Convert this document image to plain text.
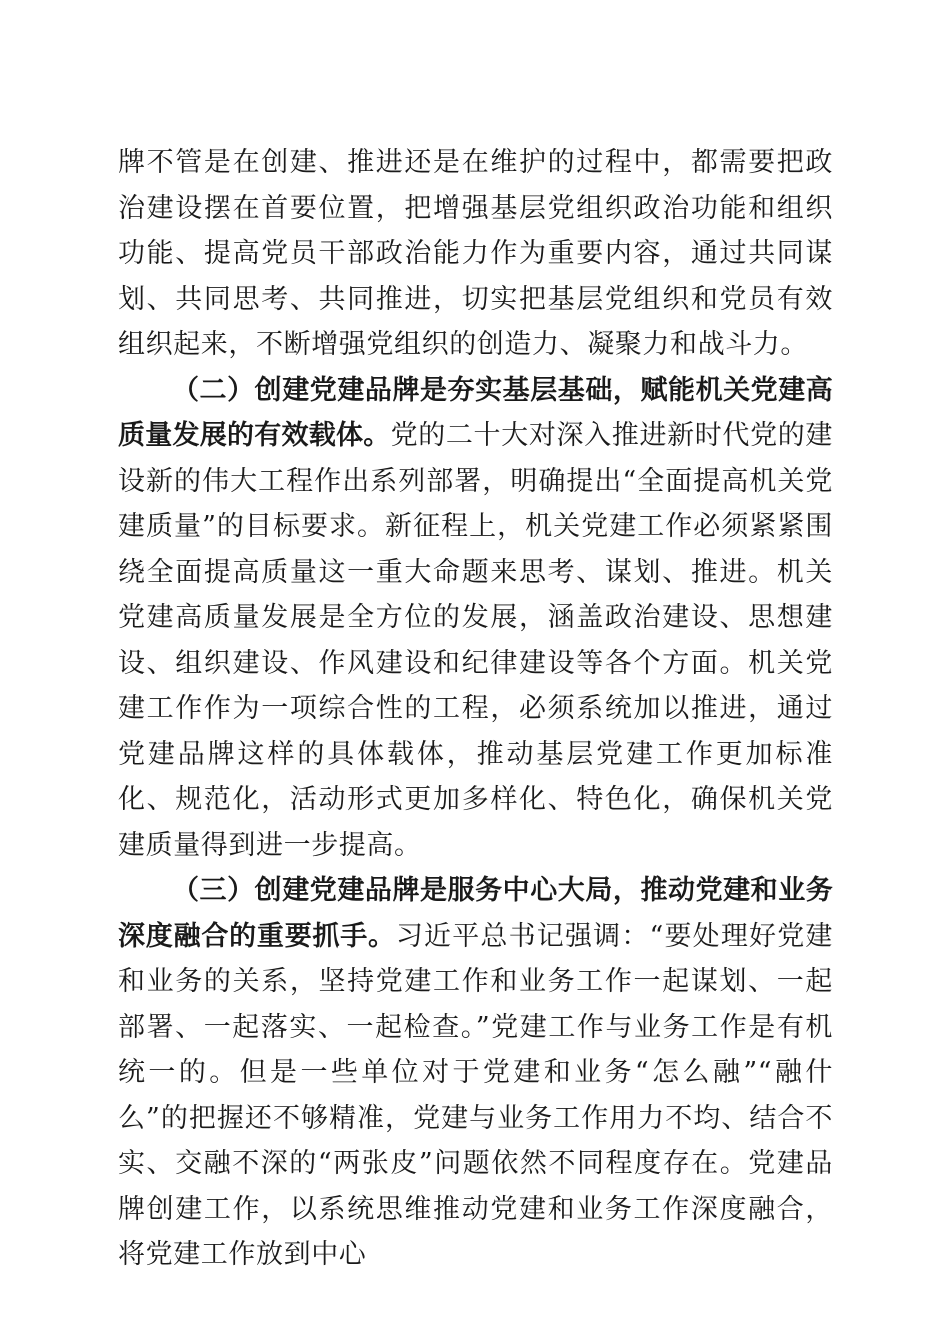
牌不管是在创建、推进还是在维护的过程中，都需要把政治建设摆在首要位置，把增强基层党组织政治功能和组织功能、提高党员干部政治能力作为重要内容，通过共同谋划、共同思考、共同推进，切实把基层党组织和党员有效组织起来，不断增强党组织的创造力、凝聚力和战斗力。

（二）创建党建品牌是夯实基层基础，赋能机关党建高质量发展的有效载体。党的二十大对深入推进新时代党的建设新的伟大工程作出系列部署，明确提出“全面提高机关党建质量”的目标要求。新征程上，机关党建工作必须紧紧围绕全面提高质量这一重大命题来思考、谋划、推进。机关党建高质量发展是全方位的发展，涵盖政治建设、思想建设、组织建设、作风建设和纪律建设等各个方面。机关党建工作作为一项综合性的工程，必须系统加以推进，通过党建品牌这样的具体载体，推动基层党建工作更加标准化、规范化，活动形式更加多样化、特色化，确保机关党建质量得到进一步提高。

（三）创建党建品牌是服务中心大局，推动党建和业务深度融合的重要抓手。习近平总书记强调：“要处理好党建和业务的关系，坚持党建工作和业务工作一起谋划、一起部署、一起落实、一起检查。”党建工作与业务工作是有机统一的。但是一些单位对于党建和业务“怎么融”“融什么”的把握还不够精准，党建与业务工作用力不均、结合不实、交融不深的“两张皮”问题依然不同程度存在。党建品牌创建工作，以系统思维推动党建和业务工作深度融合，将党建工作放到中心
